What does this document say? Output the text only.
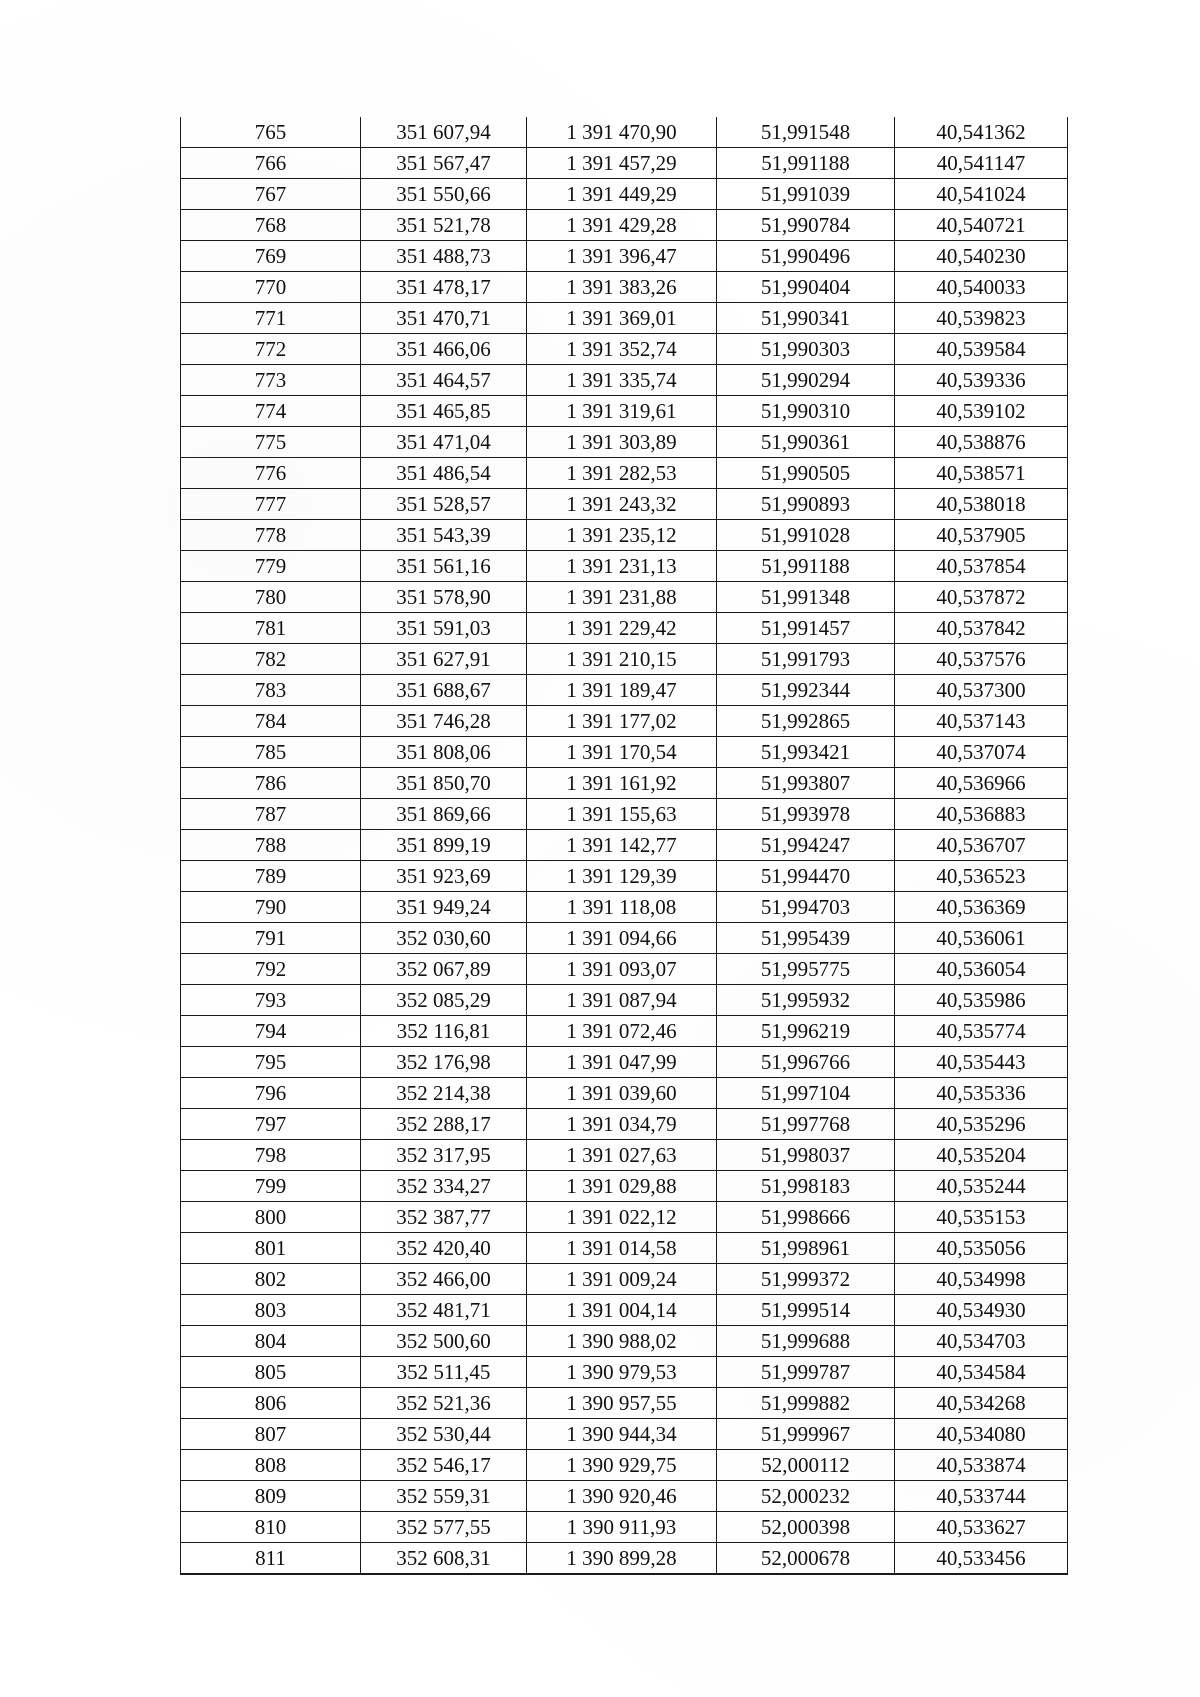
765	351 607,94	1 391 470,90	51,991548	40,541362
766	351 567,47	1 391 457,29	51,991188	40,541147
767	351 550,66	1 391 449,29	51,991039	40,541024
768	351 521,78	1 391 429,28	51,990784	40,540721
769	351 488,73	1 391 396,47	51,990496	40,540230
770	351 478,17	1 391 383,26	51,990404	40,540033
771	351 470,71	1 391 369,01	51,990341	40,539823
772	351 466,06	1 391 352,74	51,990303	40,539584
773	351 464,57	1 391 335,74	51,990294	40,539336
774	351 465,85	1 391 319,61	51,990310	40,539102
775	351 471,04	1 391 303,89	51,990361	40,538876
776	351 486,54	1 391 282,53	51,990505	40,538571
777	351 528,57	1 391 243,32	51,990893	40,538018
778	351 543,39	1 391 235,12	51,991028	40,537905
779	351 561,16	1 391 231,13	51,991188	40,537854
780	351 578,90	1 391 231,88	51,991348	40,537872
781	351 591,03	1 391 229,42	51,991457	40,537842
782	351 627,91	1 391 210,15	51,991793	40,537576
783	351 688,67	1 391 189,47	51,992344	40,537300
784	351 746,28	1 391 177,02	51,992865	40,537143
785	351 808,06	1 391 170,54	51,993421	40,537074
786	351 850,70	1 391 161,92	51,993807	40,536966
787	351 869,66	1 391 155,63	51,993978	40,536883
788	351 899,19	1 391 142,77	51,994247	40,536707
789	351 923,69	1 391 129,39	51,994470	40,536523
790	351 949,24	1 391 118,08	51,994703	40,536369
791	352 030,60	1 391 094,66	51,995439	40,536061
792	352 067,89	1 391 093,07	51,995775	40,536054
793	352 085,29	1 391 087,94	51,995932	40,535986
794	352 116,81	1 391 072,46	51,996219	40,535774
795	352 176,98	1 391 047,99	51,996766	40,535443
796	352 214,38	1 391 039,60	51,997104	40,535336
797	352 288,17	1 391 034,79	51,997768	40,535296
798	352 317,95	1 391 027,63	51,998037	40,535204
799	352 334,27	1 391 029,88	51,998183	40,535244
800	352 387,77	1 391 022,12	51,998666	40,535153
801	352 420,40	1 391 014,58	51,998961	40,535056
802	352 466,00	1 391 009,24	51,999372	40,534998
803	352 481,71	1 391 004,14	51,999514	40,534930
804	352 500,60	1 390 988,02	51,999688	40,534703
805	352 511,45	1 390 979,53	51,999787	40,534584
806	352 521,36	1 390 957,55	51,999882	40,534268
807	352 530,44	1 390 944,34	51,999967	40,534080
808	352 546,17	1 390 929,75	52,000112	40,533874
809	352 559,31	1 390 920,46	52,000232	40,533744
810	352 577,55	1 390 911,93	52,000398	40,533627
811	352 608,31	1 390 899,28	52,000678	40,533456
